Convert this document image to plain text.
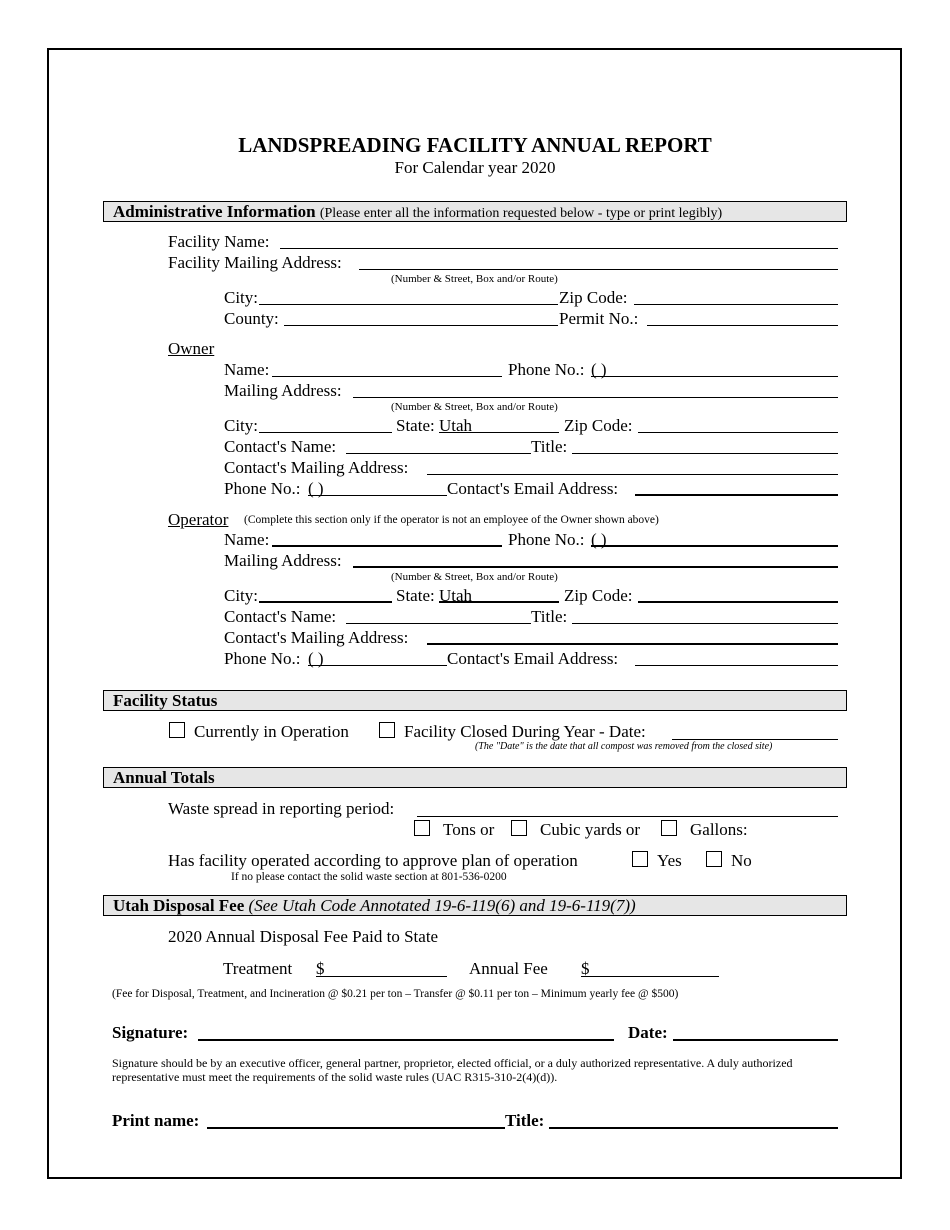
LANDSPREADING FACILITY ANNUAL REPORT
For Calendar year 2020
Administrative Information (Please enter all the information requested below - type or print legibly)
Facility Name:
Facility Mailing Address:
(Number & Street, Box and/or Route)
City:	Zip Code:
County:	Permit No.:
Owner
Name:	Phone No.: ( )
Mailing Address:
(Number & Street, Box and/or Route)
City:	State: Utah	Zip Code:
Contact's Name:	Title:
Contact's Mailing Address:
Phone No.: ( )	Contact's Email Address:
Operator (Complete this section only if the operator is not an employee of the Owner shown above)
Name:	Phone No.: ( )
Mailing Address:
(Number & Street, Box and/or Route)
City:	State: Utah	Zip Code:
Contact's Name:	Title:
Contact's Mailing Address:
Phone No.: ( )	Contact's Email Address:
Facility Status
Currently in Operation	Facility Closed During Year - Date:
(The "Date" is the date that all compost was removed from the closed site)
Annual Totals
Waste spread in reporting period:
Tons or	Cubic yards or	Gallons:
Has facility operated according to approve plan of operation	Yes	No
If no please contact the solid waste section at 801-536-0200
Utah Disposal Fee (See Utah Code Annotated 19-6-119(6) and 19-6-119(7))
2020 Annual Disposal Fee Paid to State
Treatment $	Annual Fee $
(Fee for Disposal, Treatment, and Incineration @ $0.21 per ton – Transfer @ $0.11 per ton – Minimum yearly fee @ $500)
Signature:	Date:
Signature should be by an executive officer, general partner, proprietor, elected official, or a duly authorized representative. A duly authorized representative must meet the requirements of the solid waste rules (UAC R315-310-2(4)(d)).
Print name:	Title:
